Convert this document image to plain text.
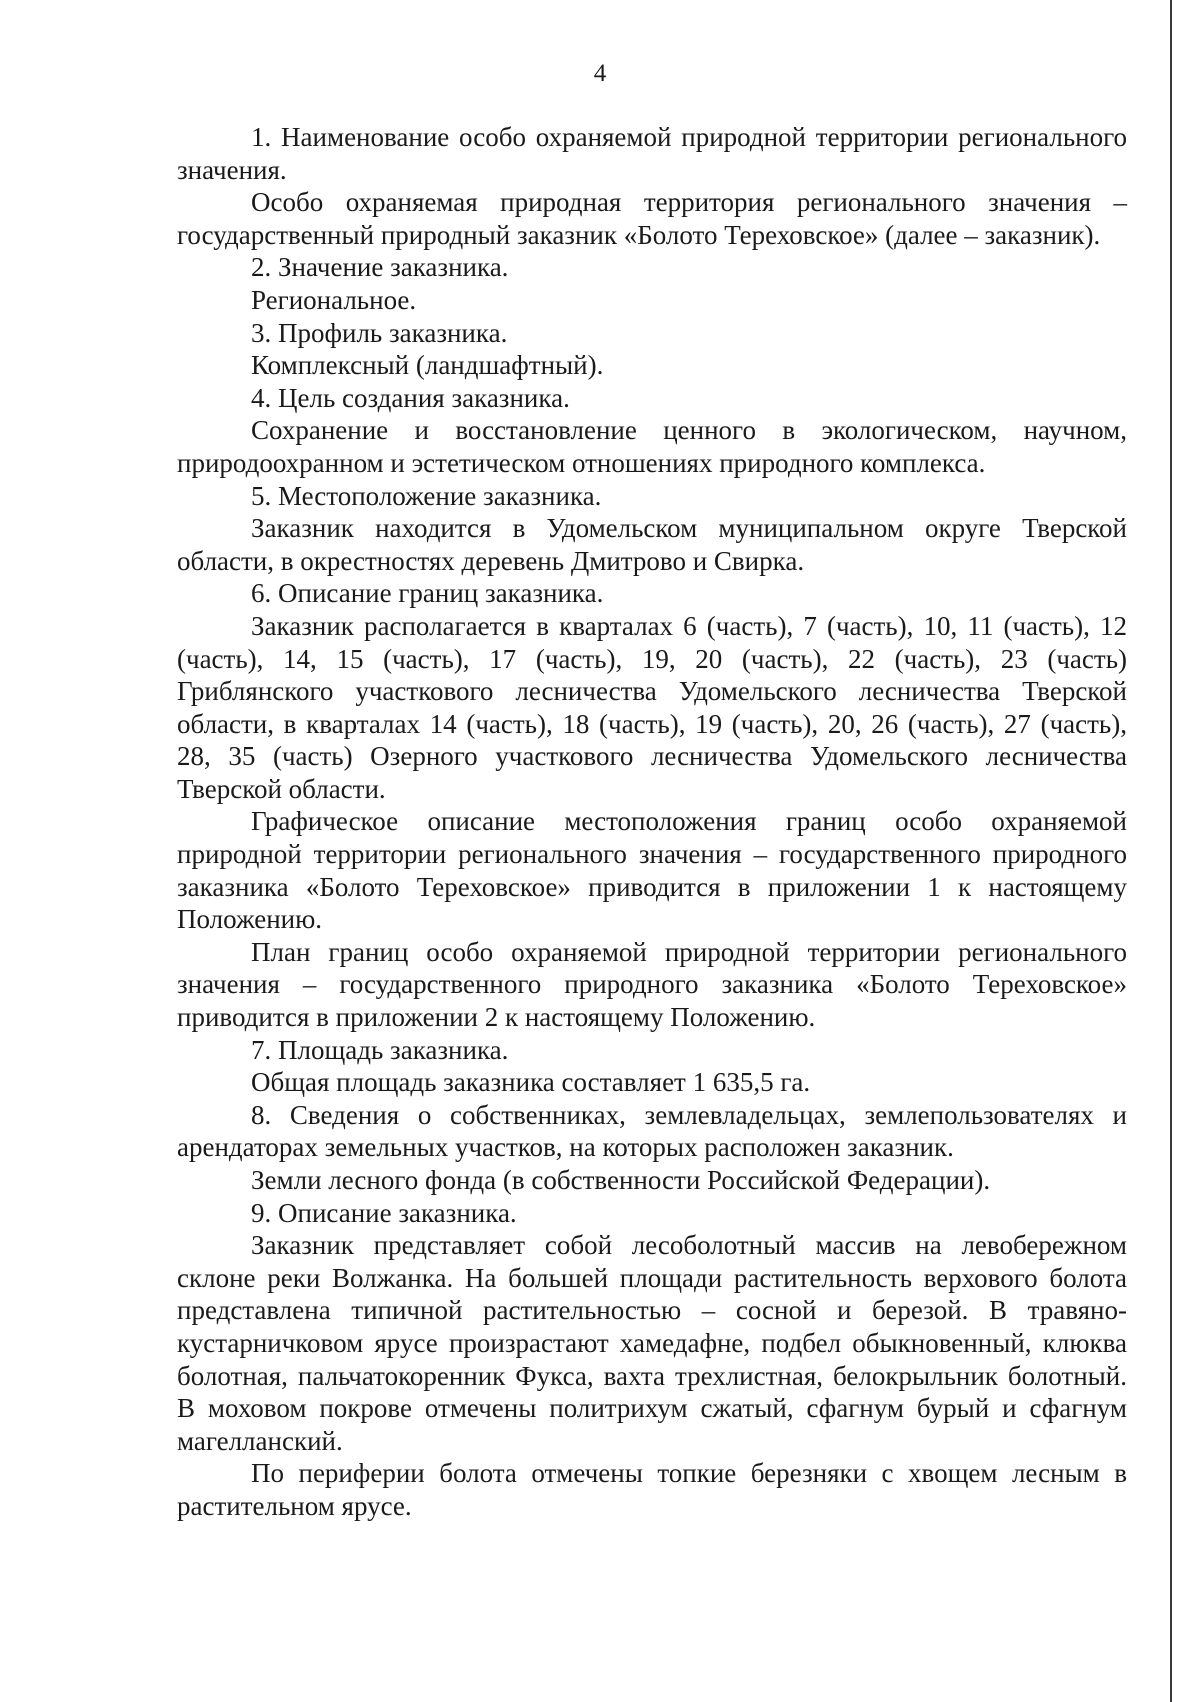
4

1. Наименование особо охраняемой природной территории регионального значения.

Особо охраняемая природная территория регионального значения – государственный природный заказник «Болото Тереховское» (далее – заказник).

2. Значение заказника.

Региональное.

3. Профиль заказника.

Комплексный (ландшафтный).

4. Цель создания заказника.

Сохранение и восстановление ценного в экологическом, научном, природоохранном и эстетическом отношениях природного комплекса.

5. Местоположение заказника.

Заказник находится в Удомельском муниципальном округе Тверской области, в окрестностях деревень Дмитрово и Свирка.

6. Описание границ заказника.

Заказник располагается в кварталах 6 (часть), 7 (часть), 10, 11 (часть), 12 (часть), 14, 15 (часть), 17 (часть), 19, 20 (часть), 22 (часть), 23 (часть) Гриблянского участкового лесничества Удомельского лесничества Тверской области, в кварталах 14 (часть), 18 (часть), 19 (часть), 20, 26 (часть), 27 (часть), 28, 35 (часть) Озерного участкового лесничества Удомельского лесничества Тверской области.

Графическое описание местоположения границ особо охраняемой природной территории регионального значения – государственного природного заказника «Болото Тереховское» приводится в приложении 1 к настоящему Положению.

План границ особо охраняемой природной территории регионального значения – государственного природного заказника «Болото Тереховское» приводится в приложении 2 к настоящему Положению.

7. Площадь заказника.

Общая площадь заказника составляет 1 635,5 га.

8. Сведения о собственниках, землевладельцах, землепользователях и арендаторах земельных участков, на которых расположен заказник.

Земли лесного фонда (в собственности Российской Федерации).

9. Описание заказника.

Заказник представляет собой лесоболотный массив на левобережном склоне реки Волжанка. На большей площади растительность верхового болота представлена типичной растительностью – сосной и березой. В травяно-кустарничковом ярусе произрастают хамедафне, подбел обыкновенный, клюква болотная, пальчатокоренник Фукса, вахта трехлистная, белокрыльник болотный. В моховом покрове отмечены политрихум сжатый, сфагнум бурый и сфагнум магелланский.

По периферии болота отмечены топкие березняки с хвощем лесным в растительном ярусе.
